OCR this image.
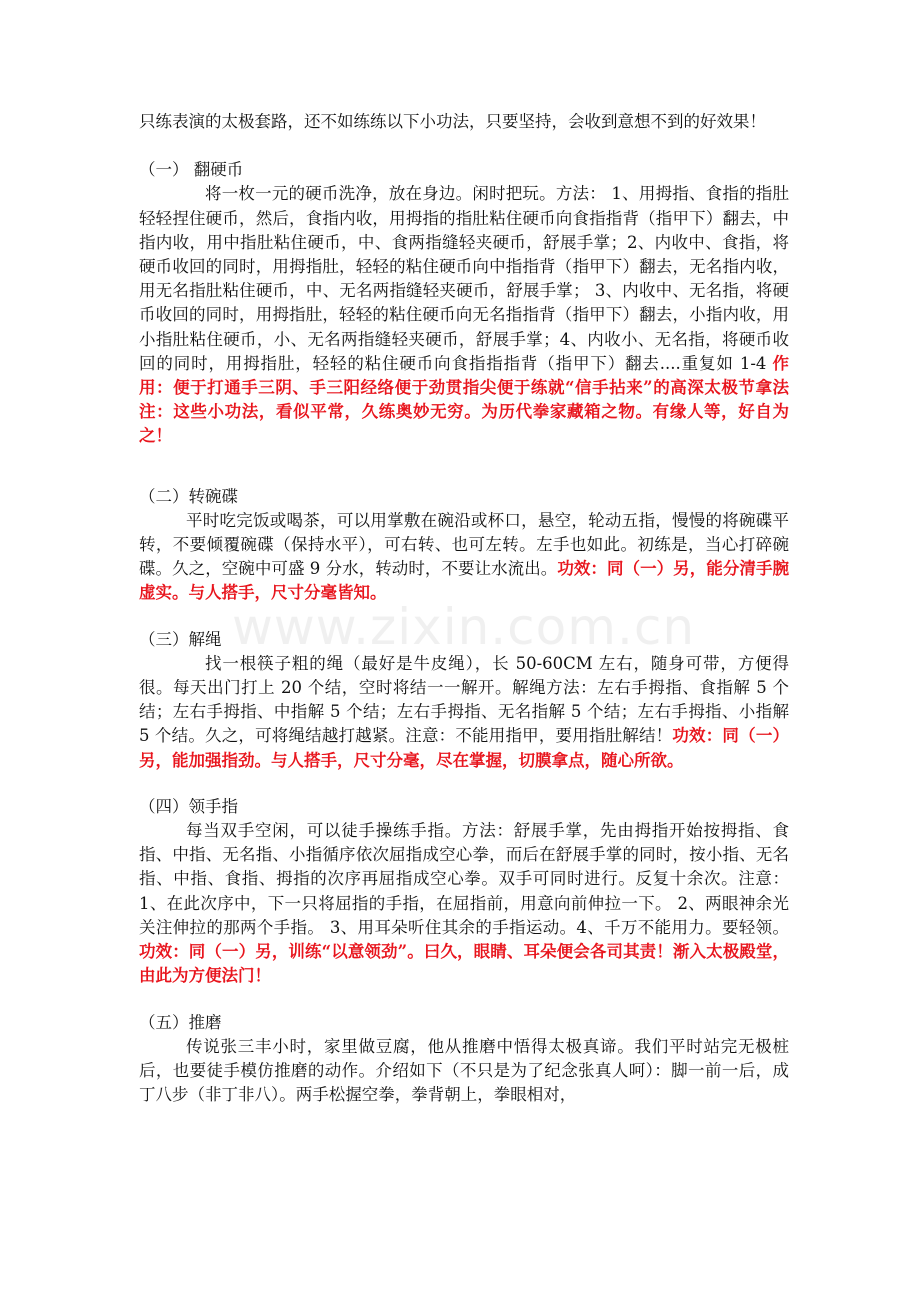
www.zixin.com.cn

只练表演的太极套路，还不如练练以下小功法，只要坚持，会收到意想不到的好效果！

（一） 翻硬币

将一枚一元的硬币洗净，放在身边。闲时把玩。方法： 1、用拇指、食指的指肚轻轻捏住硬币，然后，食指内收，用拇指的指肚粘住硬币向食指指背（指甲下）翻去，中指内收，用中指肚粘住硬币，中、食两指缝轻夹硬币，舒展手掌；2、内收中、食指，将硬币收回的同时，用拇指肚，轻轻的粘住硬币向中指指背（指甲下）翻去，无名指内收，用无名指肚粘住硬币，中、无名两指缝轻夹硬币，舒展手掌； 3、内收中、无名指，将硬币收回的同时，用拇指肚，轻轻的粘住硬币向无名指指背（指甲下）翻去，小指内收，用小指肚粘住硬币，小、无名两指缝轻夹硬币，舒展手掌；4、内收小、无名指，将硬币收回的同时，用拇指肚，轻轻的粘住硬币向食指指指背（指甲下）翻去....重复如 1-4 作用：便于打通手三阴、手三阳经络便于劲贯指尖便于练就“信手拈来”的高深太极节拿法注：这些小功法，看似平常，久练奥妙无穷。为历代拳家藏箱之物。有缘人等，好自为之！

（二）转碗碟

平时吃完饭或喝茶，可以用掌敷在碗沿或杯口，悬空，轮动五指，慢慢的将碗碟平转，不要倾覆碗碟（保持水平），可右转、也可左转。左手也如此。初练是，当心打碎碗碟。久之，空碗中可盛 9 分水，转动时，不要让水流出。功效：同（一）另，能分清手腕虚实。与人搭手，尺寸分毫皆知。

（三）解绳

找一根筷子粗的绳（最好是牛皮绳），长 50-60CM 左右，随身可带，方便得很。每天出门打上 20 个结，空时将结一一解开。解绳方法：左右手拇指、食指解 5 个结；左右手拇指、中指解 5 个结；左右手拇指、无名指解 5 个结；左右手拇指、小指解 5 个结。久之，可将绳结越打越紧。注意：不能用指甲，要用指肚解结！功效：同（一）另，能加强指劲。与人搭手，尺寸分毫，尽在掌握，切膜拿点，随心所欲。

（四）领手指

每当双手空闲，可以徒手操练手指。方法：舒展手掌，先由拇指开始按拇指、食指、中指、无名指、小指循序依次屈指成空心拳，而后在舒展手掌的同时，按小指、无名指、中指、食指、拇指的次序再屈指成空心拳。双手可同时进行。反复十余次。注意： 1、在此次序中，下一只将屈指的手指，在屈指前，用意向前伸拉一下。 2、两眼神余光关注伸拉的那两个手指。 3、用耳朵听住其余的手指运动。4、千万不能用力。要轻领。功效：同（一）另，训练“以意领劲”。曰久，眼睛、耳朵便会各司其责！渐入太极殿堂，由此为方便法门！

（五）推磨

传说张三丰小时，家里做豆腐，他从推磨中悟得太极真谛。我们平时站完无极桩后，也要徒手模仿推磨的动作。介绍如下（不只是为了纪念张真人呵）：脚一前一后，成丁八步（非丁非八）。两手松握空拳，拳背朝上，拳眼相对，
